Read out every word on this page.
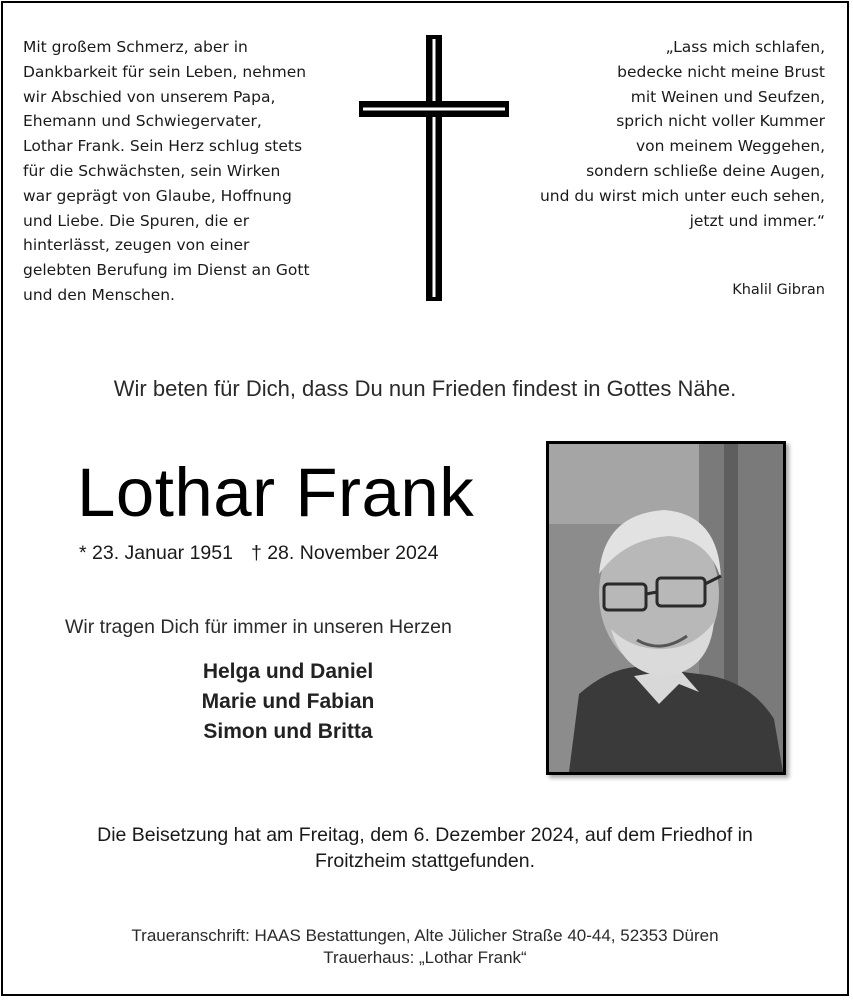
Mit großem Schmerz, aber in
Dankbarkeit für sein Leben, nehmen
wir Abschied von unserem Papa,
Ehemann und Schwiegervater,
Lothar Frank. Sein Herz schlug stets
für die Schwächsten, sein Wirken
war geprägt von Glaube, Hoffnung
und Liebe. Die Spuren, die er
hinterlässt, zeugen von einer
gelebten Berufung im Dienst an Gott
und den Menschen.
„Lass mich schlafen,
bedecke nicht meine Brust
mit Weinen und Seufzen,
sprich nicht voller Kummer
von meinem Weggehen,
sondern schließe deine Augen,
und du wirst mich unter euch sehen,
jetzt und immer.“
Khalil Gibran
Wir beten für Dich, dass Du nun Frieden findest in Gottes Nähe.
Lothar Frank
* 23. Januar 1951 † 28. November 2024
Wir tragen Dich für immer in unseren Herzen
Helga und Daniel
Marie und Fabian
Simon und Britta
Die Beisetzung hat am Freitag, dem 6. Dezember 2024, auf dem Friedhof in
Froitzheim stattgefunden.
Traueranschrift: HAAS Bestattungen, Alte Jülicher Straße 40-44, 52353 Düren
Trauerhaus: „Lothar Frank“
